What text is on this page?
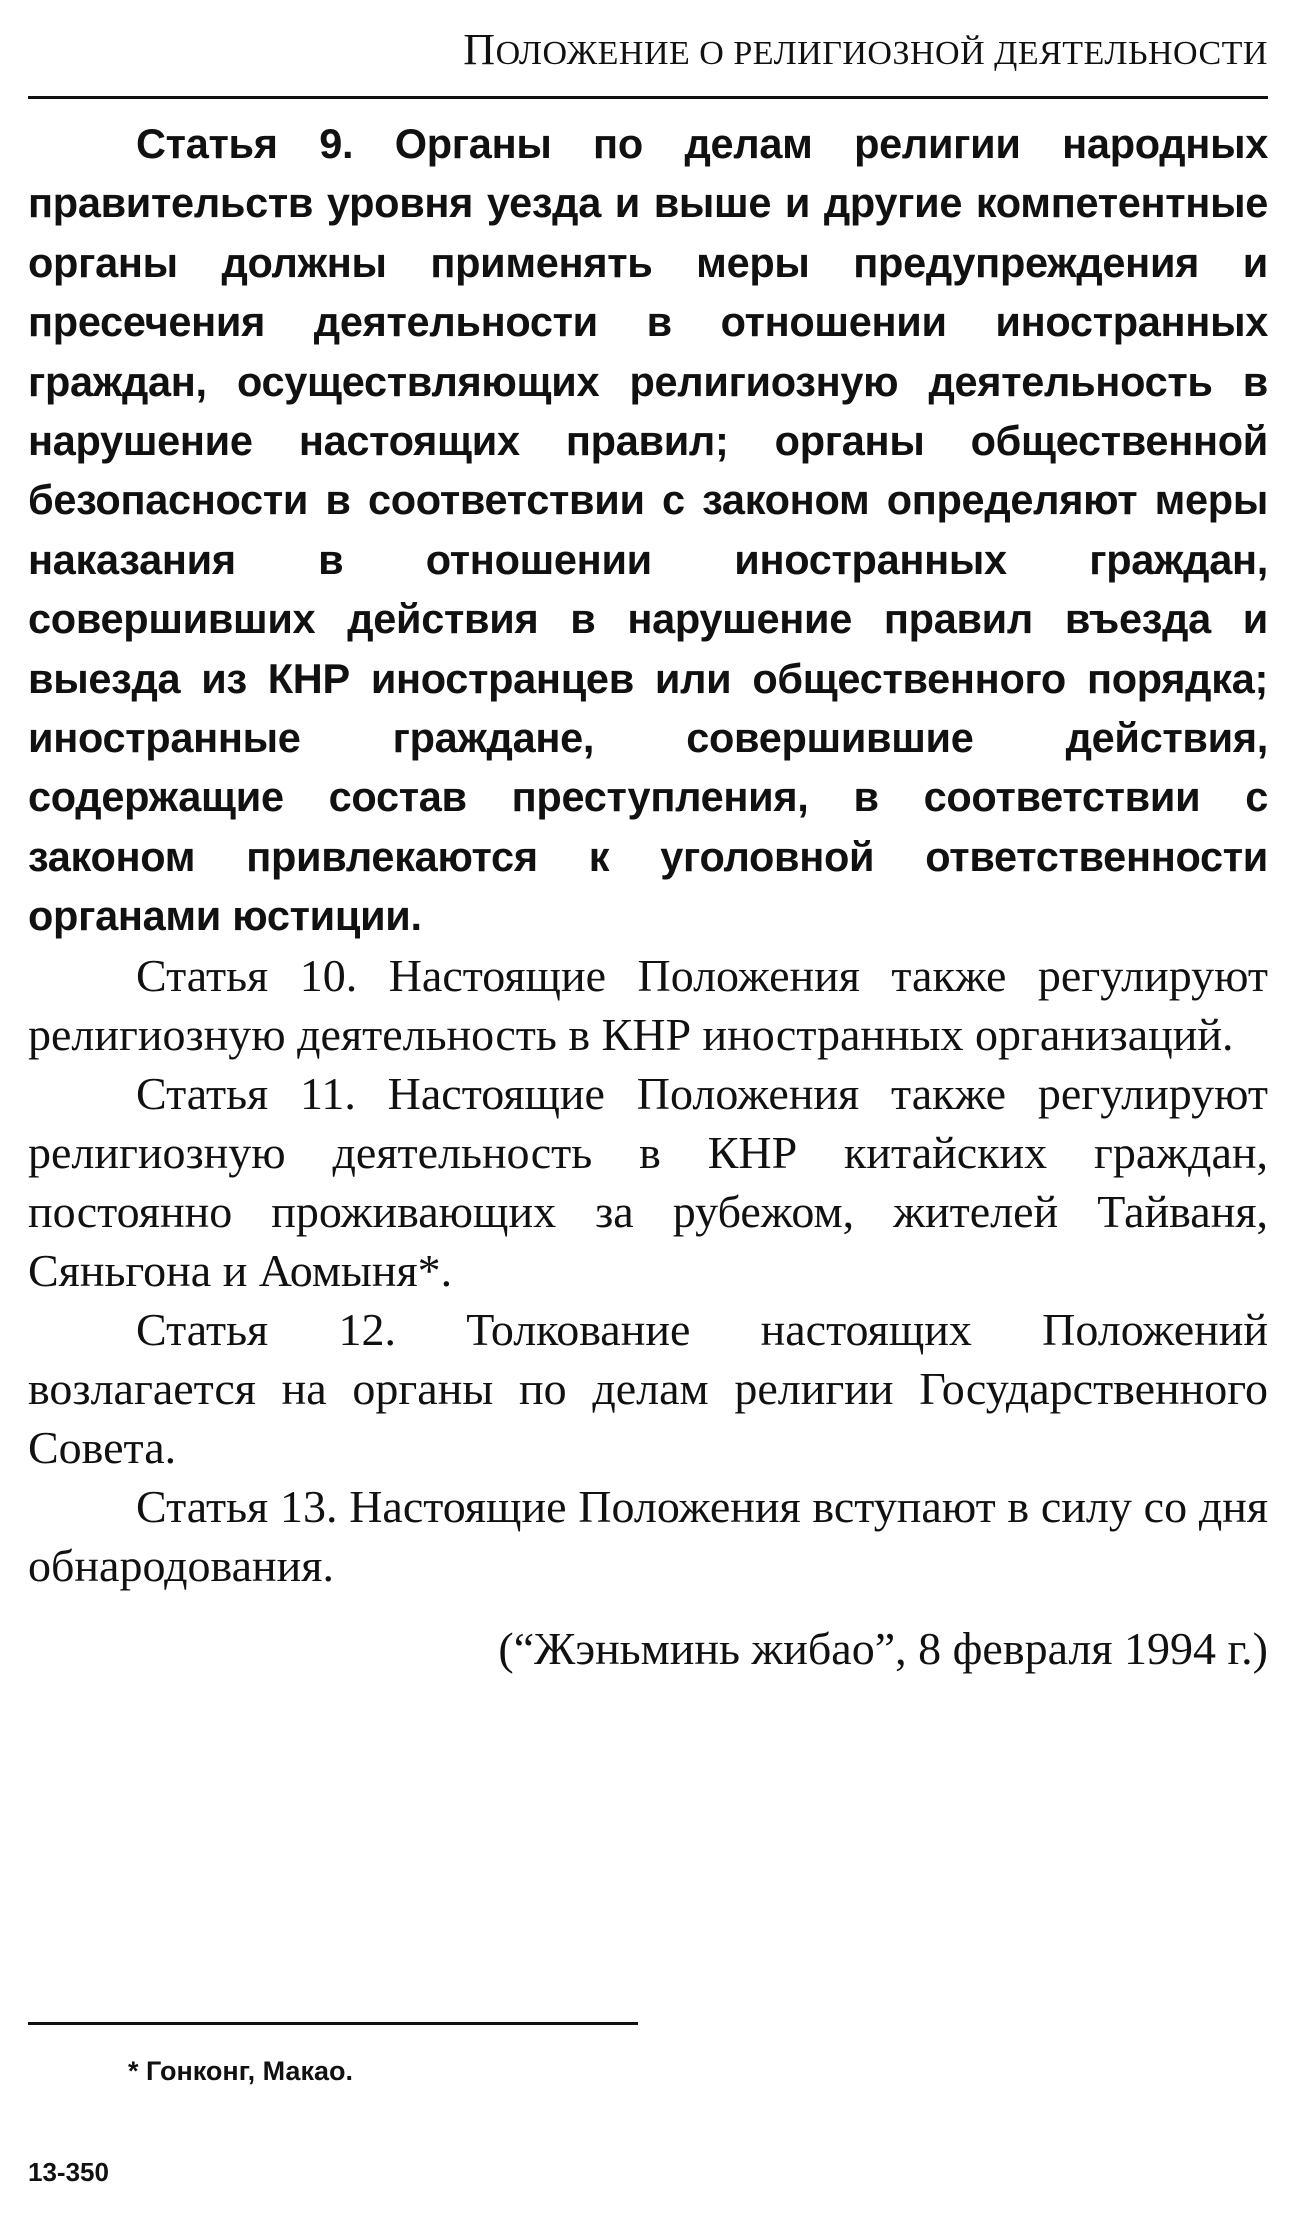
ПОЛОЖЕНИЕ О РЕЛИГИОЗНОЙ ДЕЯТЕЛЬНОСТИ

Статья 9. Органы по делам религии народных правительств уровня уезда и выше и другие компетентные органы должны применять меры предупреждения и пресечения деятельности в отношении иностранных граждан, осуществляющих религиозную деятельность в нарушение настоящих правил; органы общественной безопасности в соответствии с законом определяют меры наказания в отношении иностранных граждан, совершивших действия в нарушение правил въезда и выезда из КНР иностранцев или общественного порядка; иностранные граждане, совершившие действия, содержащие состав преступления, в соответствии с законом привлекаются к уголовной ответственности органами юстиции.

Статья 10. Настоящие Положения также регулируют религиозную деятельность в КНР иностранных организаций.

Статья 11. Настоящие Положения также регулируют религиозную деятельность в КНР китайских граждан, постоянно проживающих за рубежом, жителей Тайваня, Сяньгона и Аомыня*.

Статья 12. Толкование настоящих Положений возлагается на органы по делам религии Государственного Совета.

Статья 13. Настоящие Положения вступают в силу со дня обнародования.

(“Жэньминь жибао”, 8 февраля 1994 г.)
* Гонконг, Макао.
13-350
